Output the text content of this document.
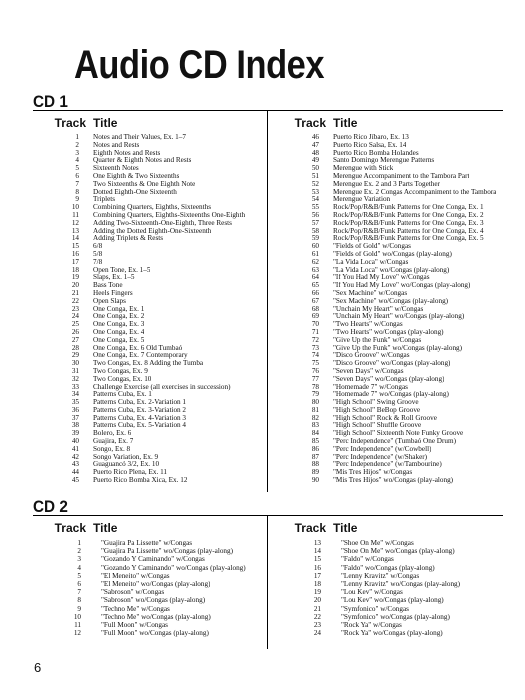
Audio CD Index
CD 1
Track Title
1	Notes and Their Values, Ex. 1–7
2	Notes and Rests
3	Eighth Notes and Rests
4	Quarter & Eighth Notes and Rests
5	Sixteenth Notes
6	One Eighth & Two Sixteenths
7	Two Sixteenths & One Eighth Note
8	Dotted Eighth-One Sixteenth
9	Triplets
10	Combining Quarters, Eighths, Sixteenths
11	Combining Quarters, Eighths-Sixteenths One-Eighth
12	Adding Two-Sixteenth-One-Eighth, Three Rests
13	Adding the Dotted Eighth-One-Sixteenth
14	Adding Triplets & Rests
15	6/8
16	5/8
17	7/8
18	Open Tone, Ex. 1–5
19	Slaps, Ex. 1–5
20	Bass Tone
21	Heels Fingers
22	Open Slaps
23	One Conga, Ex. 1
24	One Conga, Ex. 2
25	One Conga, Ex. 3
26	One Conga, Ex. 4
27	One Conga, Ex. 5
28	One Conga, Ex. 6 Old Tumbaó
29	One Conga, Ex. 7 Contemporary
30	Two Congas, Ex. 8 Adding the Tumba
31	Two Congas, Ex. 9
32	Two Congas, Ex. 10
33	Challenge Exercise (all exercises in succession)
34	Patterns Cuba, Ex. 1
35	Patterns Cuba, Ex. 2-Variation 1
36	Patterns Cuba, Ex. 3-Variation 2
37	Patterns Cuba, Ex. 4-Variation 3
38	Patterns Cuba, Ex. 5-Variation 4
39	Bolero, Ex. 6
40	Guajira, Ex. 7
41	Songo, Ex. 8
42	Songo Variation, Ex. 9
43	Guaguancó 3/2, Ex. 10
44	Puerto Rico Plena, Ex. 11
45	Puerto Rico Bomba Xica, Ex. 12
Track Title
46	Puerto Rico Jíbaro, Ex. 13
47	Puerto Rico Salsa, Ex. 14
48	Puerto Rico Bomba Holandes
49	Santo Domingo Merengue Patterns
50	Merengue with Stick
51	Merengue Accompaniment to the Tambora Part
52	Merengue Ex. 2 and 3 Parts Together
53	Merengue Ex. 2 Congas Accompaniment to the Tambora
54	Merengue Variation
55	Rock/Pop/R&B/Funk Patterns for One Conga, Ex. 1
56	Rock/Pop/R&B/Funk Patterns for One Conga, Ex. 2
57	Rock/Pop/R&B/Funk Patterns for One Conga, Ex. 3
58	Rock/Pop/R&B/Funk Patterns for One Conga, Ex. 4
59	Rock/Pop/R&B/Funk Patterns for One Conga, Ex. 5
60	"Fields of Gold" w/Congas
61	"Fields of Gold" wo/Congas (play-along)
62	"La Vida Loca" w/Congas
63	"La Vida Loca" wo/Congas (play-along)
64	"If You Had My Love" w/Congas
65	"If You Had My Love" wo/Congas (play-along)
66	"Sex Machine" w/Congas
67	"Sex Machine" wo/Congas (play-along)
68	"Unchain My Heart" w/Congas
69	"Unchain My Heart" wo/Congas (play-along)
70	"Two Hearts" w/Congas
71	"Two Hearts" wo/Congas (play-along)
72	"Give Up the Funk" w/Congas
73	"Give Up the Funk" wo/Congas (play-along)
74	"Disco Groove" w/Congas
75	"Disco Groove" wo/Congas (play-along)
76	"Seven Days" w/Congas
77	"Seven Days" wo/Congas (play-along)
78	"Homemade 7" w/Congas
79	"Homemade 7" wo/Congas (play-along)
80	"High School" Swing Groove
81	"High School" BeBop Groove
82	"High School" Rock & Roll Groove
83	"High School" Shuffle Groove
84	"High School" Sixteenth Note Funky Groove
85	"Perc Independence" (Tumbaó One Drum)
86	"Perc Independence" (w/Cowbell)
87	"Perc Independence" (w/Shaker)
88	"Perc Independence" (w/Tambourine)
89	"Mis Tres Hijos" w/Congas
90	"Mis Tres Hijos" wo/Congas (play-along)
CD 2
Track Title
1	"Guajira Pa Lissette" w/Congas
2	"Guajira Pa Lissette" wo/Congas (play-along)
3	"Gozando Y Caminando" w/Congas
4	"Gozando Y Caminando" wo/Congas (play-along)
5	"El Meneito" w/Congas
6	"El Meneito" wo/Congas (play-along)
7	"Sabroson" w/Congas
8	"Sabroson" wo/Congas (play-along)
9	"Techno Me" w/Congas
10	"Techno Me" wo/Congas (play-along)
11	"Full Moon" w/Congas
12	"Full Moon" wo/Congas (play-along)
Track Title
13	"Shoe On Me" w/Congas
14	"Shoe On Me" wo/Congas (play-along)
15	"Faldo" w/Congas
16	"Faldo" wo/Congas (play-along)
17	"Lenny Kravitz" w/Congas
18	"Lenny Kravitz" wo/Congas (play-along)
19	"Lou Kev" w/Congas
20	"Lou Kev" wo/Congas (play-along)
21	"Symfonico" w/Congas
22	"Symfonico" wo/Congas (play-along)
23	"Rock Ya" w/Congas
24	"Rock Ya" wo/Congas (play-along)
6
